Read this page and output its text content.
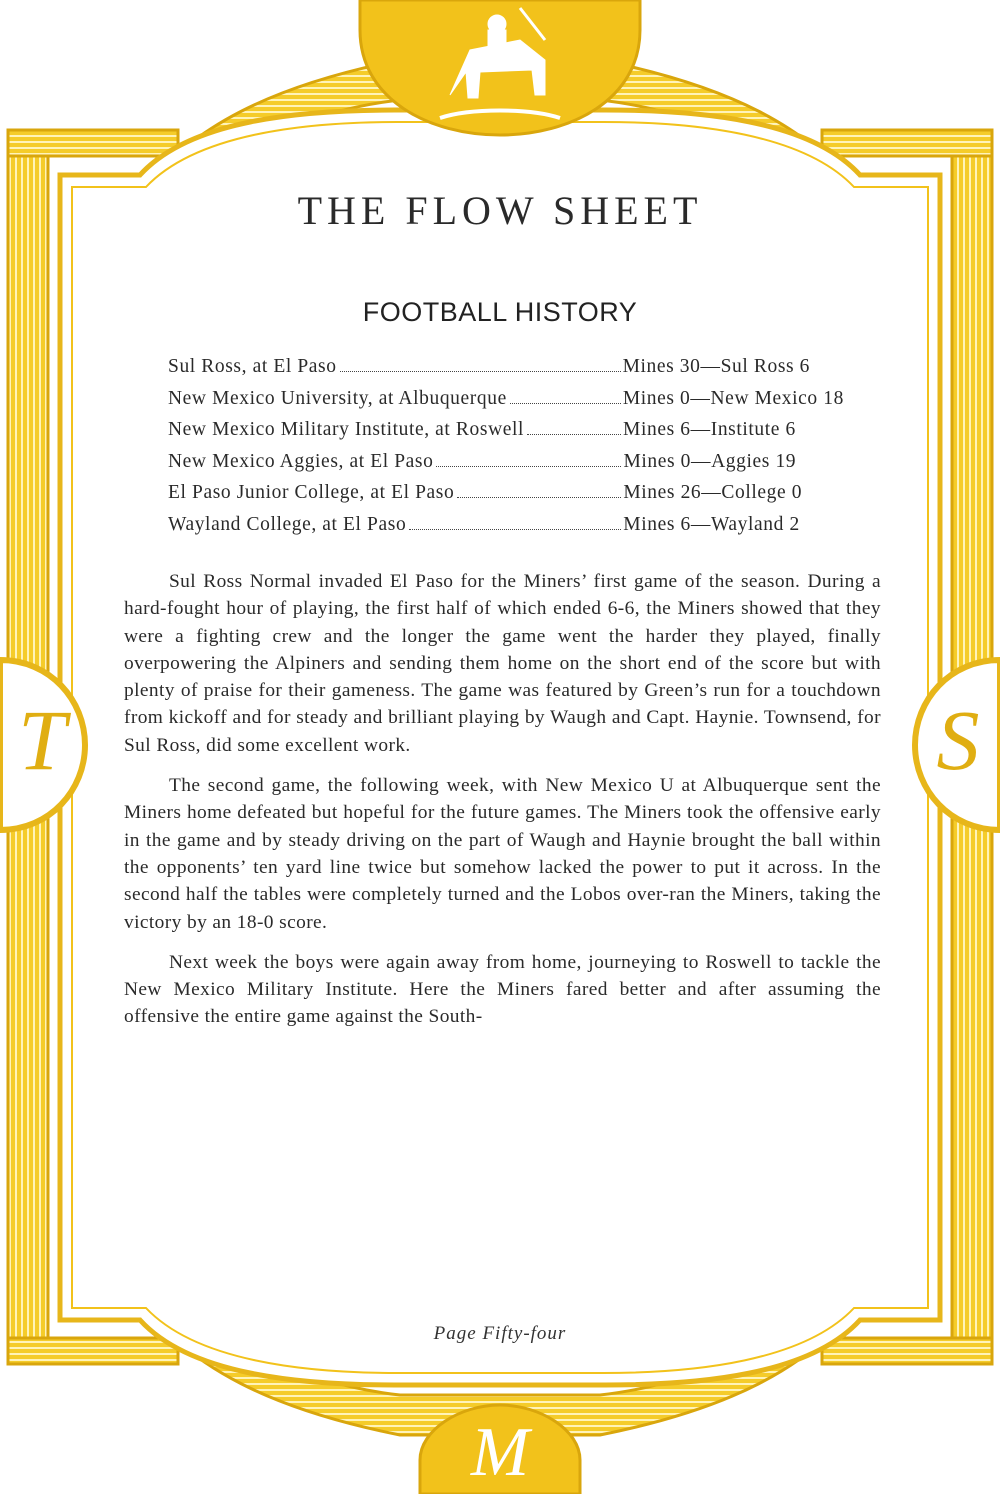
T	S
M
THE FLOW SHEET
FOOTBALL HISTORY
Sul Ross, at El Paso	Mines 30—Sul Ross 6
New Mexico University, at Albuquerque	Mines 0—New Mexico 18
New Mexico Military Institute, at Roswell	Mines 6—Institute 6
New Mexico Aggies, at El Paso	Mines 0—Aggies 19
El Paso Junior College, at El Paso	Mines 26—College 0
Wayland College, at El Paso	Mines 6—Wayland 2

Sul Ross Normal invaded El Paso for the Miners’ first game of the season. During a hard-fought hour of playing, the first half of which ended 6-6, the Miners showed that they were a fighting crew and the longer the game went the harder they played, finally overpowering the Alpiners and sending them home on the short end of the score but with plenty of praise for their gameness. The game was featured by Green’s run for a touchdown from kickoff and for steady and brilliant playing by Waugh and Capt. Haynie. Townsend, for Sul Ross, did some excellent work.

The second game, the following week, with New Mexico U at Albuquerque sent the Miners home defeated but hopeful for the future games. The Miners took the offensive early in the game and by steady driving on the part of Waugh and Haynie brought the ball within the opponents’ ten yard line twice but somehow lacked the power to put it across. In the second half the tables were completely turned and the Lobos over-ran the Miners, taking the victory by an 18-0 score.

Next week the boys were again away from home, journeying to Roswell to tackle the New Mexico Military Institute. Here the Miners fared better and after assuming the offensive the entire game against the South-

Page Fifty-four
